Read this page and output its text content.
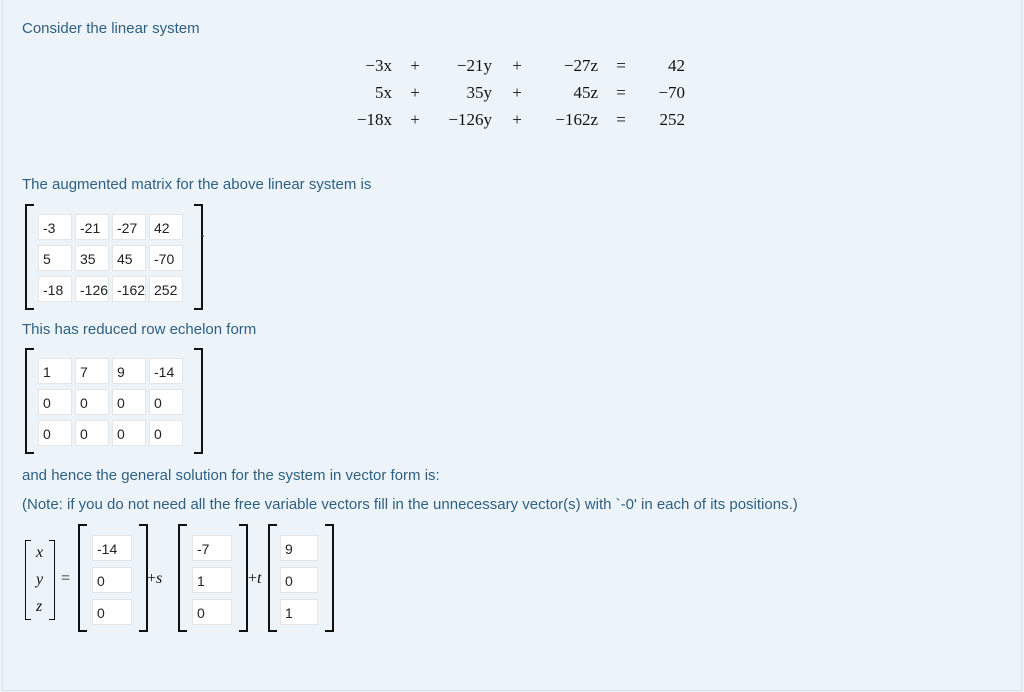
Consider the linear system
−3x +	−21y +	−27z =	42
5x +	35y +	45z =	−70
−18x +	−126y +	−162z =	252
The augmented matrix for the above linear system is
-3	-21	-27	42
5	35	45	-70
-18	-126 -162 252
.
This has reduced row echelon form
1	7	9	-14
0	0	0	0
0	0	0	0
and hence the general solution for the system in vector form is:
(Note: if you do not need all the free variable vectors fill in the unnecessary vector(s) with `-0' in each of its positions.)
x
y
z
=
-14
0
0
+s
-7
1
0
+t
9
0
1
